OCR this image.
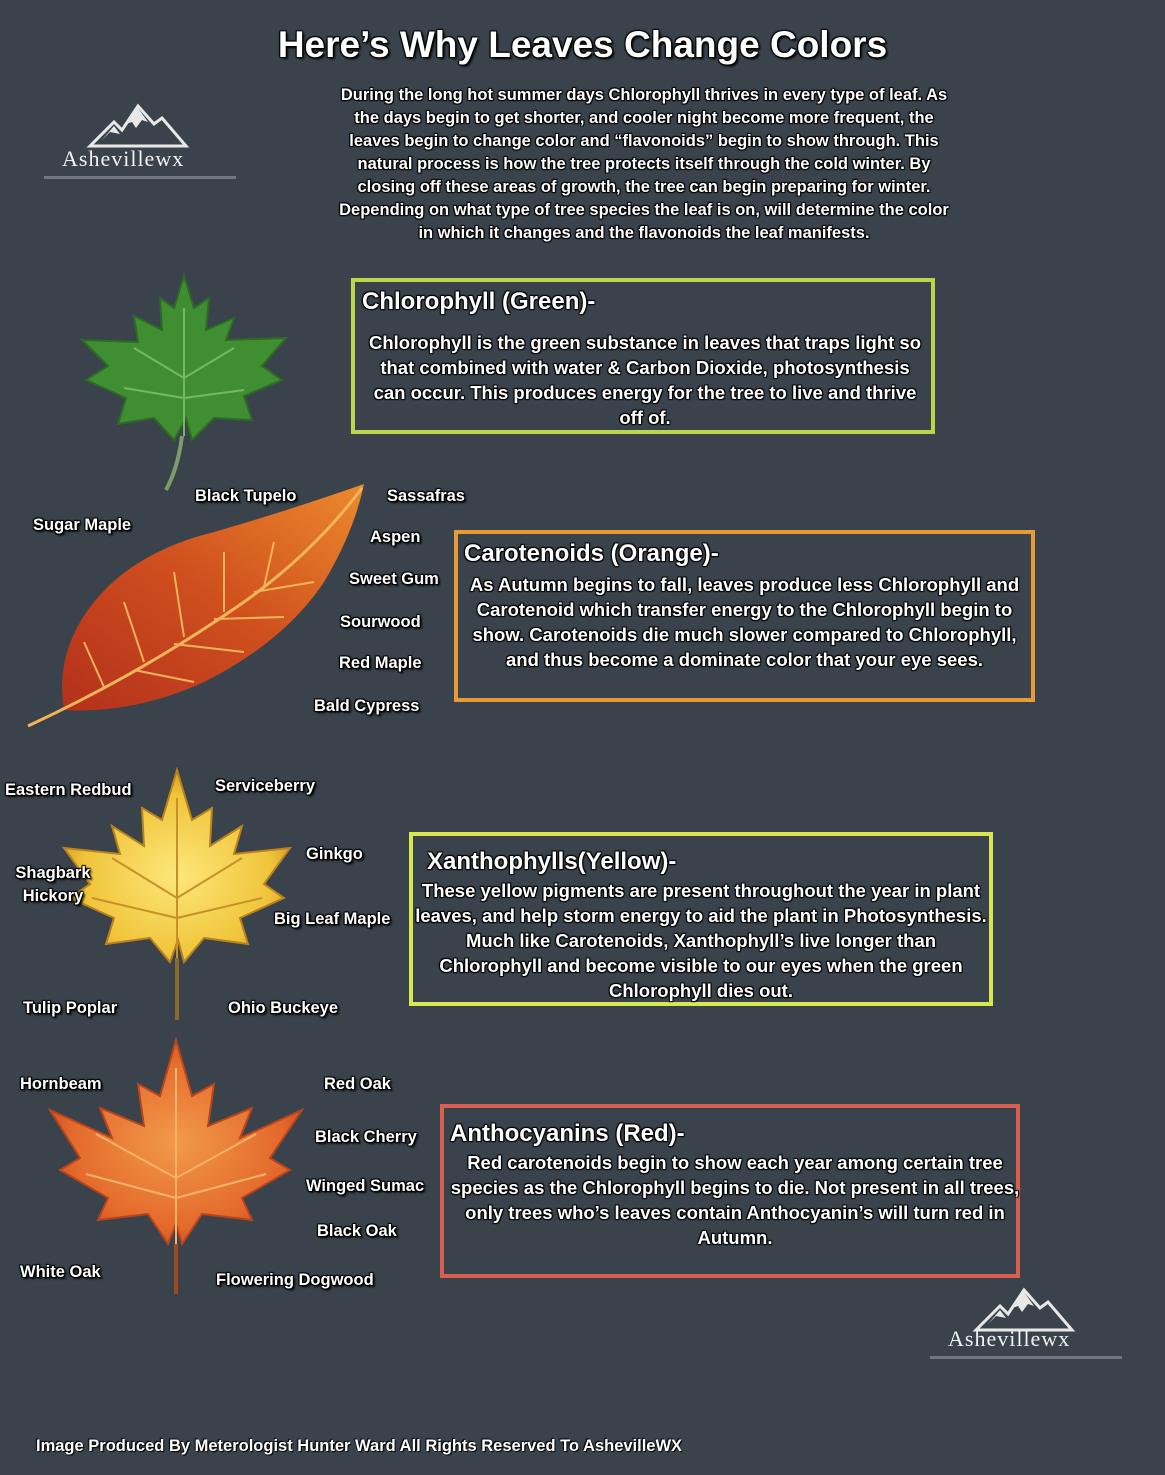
Here’s Why Leaves Change Colors
During the long hot summer days Chlorophyll thrives in every type of leaf. As the days begin to get shorter, and cooler night become more frequent, the leaves begin to change color and “flavonoids” begin to show through. This natural process is how the tree protects itself through the cold winter. By closing off these areas of growth, the tree can begin preparing for winter. Depending on what type of tree species the leaf is on, will determine the color in which it changes and the flavonoids the leaf manifests.
Ashevillewx
Chlorophyll (Green)-
Chlorophyll is the green substance in leaves that traps light so that combined with water & Carbon Dioxide, photosynthesis can occur. This produces energy for the tree to live and thrive off of.
Sugar Maple
Black Tupelo	Sassafras
Aspen
Sweet Gum
Sourwood
Red Maple
Bald Cypress
Carotenoids (Orange)-
As Autumn begins to fall, leaves produce less Chlorophyll and Carotenoid which transfer energy to the Chlorophyll begin to show. Carotenoids die much slower compared to Chlorophyll, and thus become a dominate color that your eye sees.
Eastern Redbud	Serviceberry
Ginkgo
Shagbark
Hickory
Big Leaf Maple
Tulip Poplar	Ohio Buckeye
Xanthophylls(Yellow)-
These yellow pigments are present throughout the year in plant leaves, and help storm energy to aid the plant in Photosynthesis. Much like Carotenoids, Xanthophyll’s live longer than Chlorophyll and become visible to our eyes when the green Chlorophyll dies out.
Hornbeam	Red Oak
Black Cherry
Winged Sumac
Black Oak
White Oak	Flowering Dogwood
Anthocyanins (Red)-
Red carotenoids begin to show each year among certain tree species as the Chlorophyll begins to die. Not present in all trees, only trees who’s leaves contain Anthocyanin’s will turn red in Autumn.
Ashevillewx
Image Produced By Meterologist Hunter Ward All Rights Reserved To AshevilleWX
